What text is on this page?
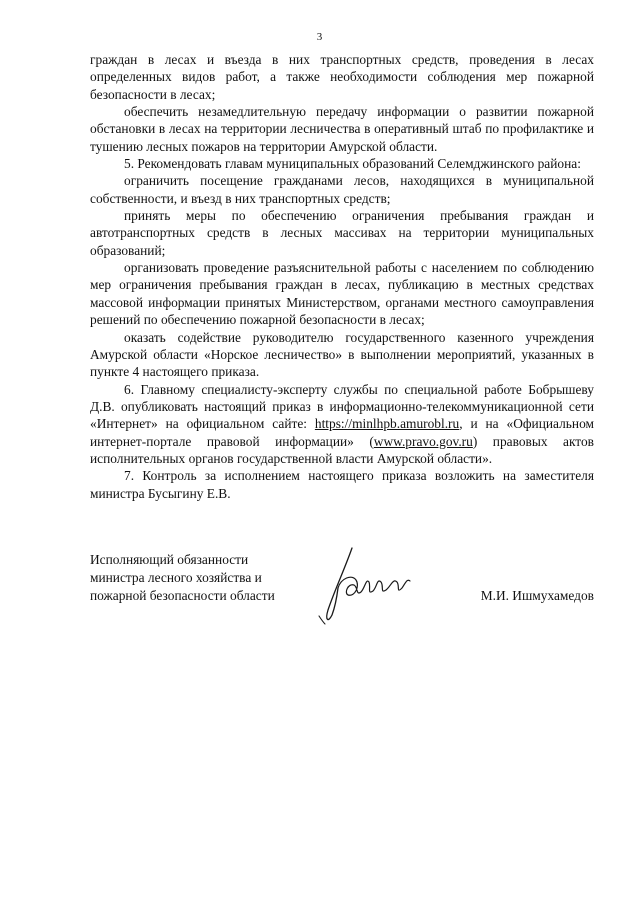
3

граждан в лесах и въезда в них транспортных средств, проведения в лесах определенных видов работ, а также необходимости соблюдения мер пожарной безопасности в лесах;

обеспечить незамедлительную передачу информации о развитии пожарной обстановки в лесах на территории лесничества в оперативный штаб по профилактике и тушению лесных пожаров на территории Амурской области.

5. Рекомендовать главам муниципальных образований Селемджинского района:

ограничить посещение гражданами лесов, находящихся в муниципальной собственности, и въезд в них транспортных средств;

принять меры по обеспечению ограничения пребывания граждан и автотранспортных средств в лесных массивах на территории муниципальных образований;

организовать проведение разъяснительной работы с населением по соблюдению мер ограничения пребывания граждан в лесах, публикацию в местных средствах массовой информации принятых Министерством, органами местного самоуправления решений по обеспечению пожарной безопасности в лесах;

оказать содействие руководителю государственного казенного учреждения Амурской области «Норское лесничество» в выполнении мероприятий, указанных в пункте 4 настоящего приказа.

6. Главному специалисту-эксперту службы по специальной работе Бобрышеву Д.В. опубликовать настоящий приказ в информационно-телекоммуникационной сети «Интернет» на официальном сайте: https://minlhpb.amurobl.ru, и на «Официальном интернет-портале правовой информации» (www.pravo.gov.ru) правовых актов исполнительных органов государственной власти Амурской области».

7. Контроль за исполнением настоящего приказа возложить на заместителя министра Бусыгину Е.В.

Исполняющий обязанности
министра лесного хозяйства и
пожарной безопасности области	М.И. Ишмухамедов
